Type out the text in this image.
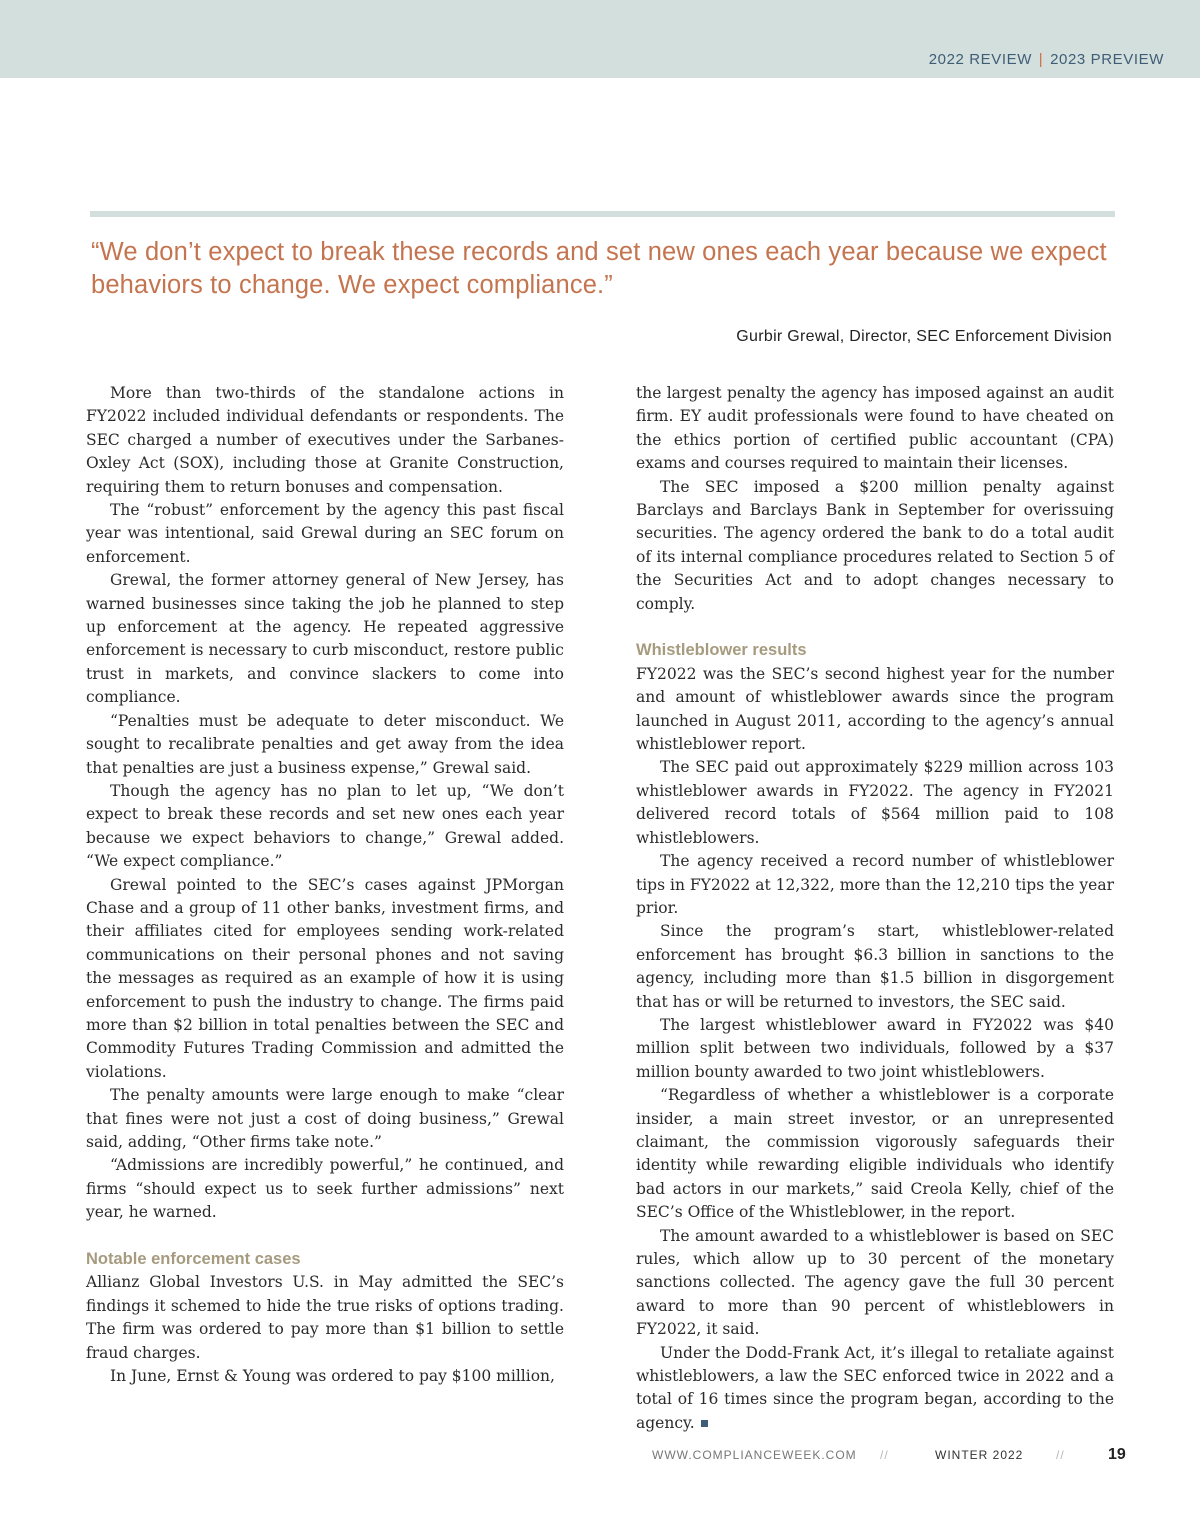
2022 REVIEW | 2023 PREVIEW
“We don’t expect to break these records and set new ones each year because we expect behaviors to change. We expect compliance.”
Gurbir Grewal, Director, SEC Enforcement Division

More than two-thirds of the standalone actions in FY2022 included individual defendants or respondents. The SEC charged a number of executives under the Sarbanes-Oxley Act (SOX), including those at Granite Construction, requiring them to return bonuses and compensation.

The “robust” enforcement by the agency this past fiscal year was intentional, said Grewal during an SEC forum on enforcement.

Grewal, the former attorney general of New Jersey, has warned businesses since taking the job he planned to step up enforcement at the agency. He repeated aggressive enforcement is necessary to curb misconduct, restore public trust in markets, and convince slackers to come into compliance.

“Penalties must be adequate to deter misconduct. We sought to recalibrate penalties and get away from the idea that penalties are just a business expense,” Grewal said.

Though the agency has no plan to let up, “We don’t expect to break these records and set new ones each year because we expect behaviors to change,” Grewal added. “We expect compliance.”

Grewal pointed to the SEC’s cases against JPMorgan Chase and a group of 11 other banks, investment firms, and their affiliates cited for employees sending work-related communications on their personal phones and not saving the messages as required as an example of how it is using enforcement to push the industry to change. The firms paid more than $2 billion in total penalties between the SEC and Commodity Futures Trading Commission and admitted the violations.

The penalty amounts were large enough to make “clear that fines were not just a cost of doing business,” Grewal said, adding, “Other firms take note.”

“Admissions are incredibly powerful,” he continued, and firms “should expect us to seek further admissions” next year, he warned.

Notable enforcement cases

Allianz Global Investors U.S. in May admitted the SEC’s findings it schemed to hide the true risks of options trading. The firm was ordered to pay more than $1 billion to settle fraud charges.

In June, Ernst & Young was ordered to pay $100 million,

the largest penalty the agency has imposed against an audit firm. EY audit professionals were found to have cheated on the ethics portion of certified public accountant (CPA) exams and courses required to maintain their licenses.

The SEC imposed a $200 million penalty against Barclays and Barclays Bank in September for overissuing securities. The agency ordered the bank to do a total audit of its internal compliance procedures related to Section 5 of the Securities Act and to adopt changes necessary to comply.

Whistleblower results

FY2022 was the SEC’s second highest year for the number and amount of whistleblower awards since the program launched in August 2011, according to the agency’s annual whistleblower report.

The SEC paid out approximately $229 million across 103 whistleblower awards in FY2022. The agency in FY2021 delivered record totals of $564 million paid to 108 whistleblowers.

The agency received a record number of whistleblower tips in FY2022 at 12,322, more than the 12,210 tips the year prior.

Since the program’s start, whistleblower-related enforcement has brought $6.3 billion in sanctions to the agency, including more than $1.5 billion in disgorgement that has or will be returned to investors, the SEC said.

The largest whistleblower award in FY2022 was $40 million split between two individuals, followed by a $37 million bounty awarded to two joint whistleblowers.

“Regardless of whether a whistleblower is a corporate insider, a main street investor, or an unrepresented claimant, the commission vigorously safeguards their identity while rewarding eligible individuals who identify bad actors in our markets,” said Creola Kelly, chief of the SEC’s Office of the Whistleblower, in the report.

The amount awarded to a whistleblower is based on SEC rules, which allow up to 30 percent of the monetary sanctions collected. The agency gave the full 30 percent award to more than 90 percent of whistleblowers in FY2022, it said.

Under the Dodd-Frank Act, it’s illegal to retaliate against whistleblowers, a law the SEC enforced twice in 2022 and a total of 16 times since the program began, according to the agency.

WWW.COMPLIANCEWEEK.COM //	WINTER 2022	//	19
